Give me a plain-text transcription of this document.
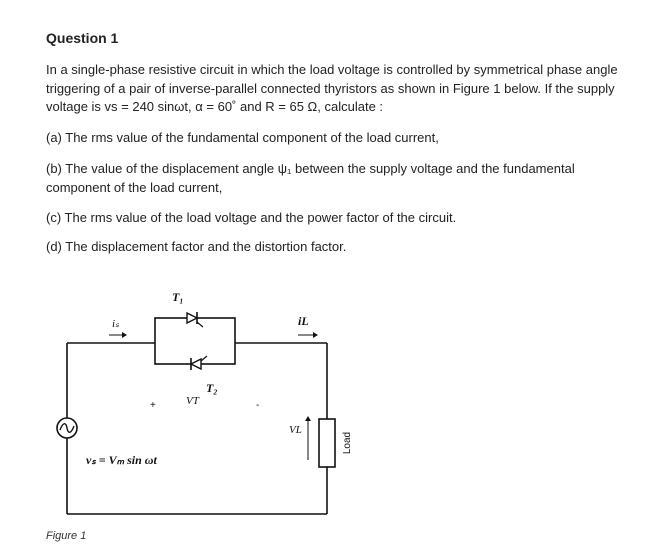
Question 1
In a single-phase resistive circuit in which the load voltage is controlled by symmetrical phase angle triggering of a pair of inverse-parallel connected thyristors as shown in Figure 1 below. If the supply voltage is vs = 240 sinωt, α = 60˚ and R = 65 Ω, calculate :
(a) The rms value of the fundamental component of the load current,
(b) The value of the displacement angle ψ₁ between the supply voltage and the fundamental component of the load current,
(c) The rms value of the load voltage and the power factor of the circuit.
(d) The displacement factor and the distortion factor.
T₁
T₂
VT
iₛ	iL
VL
+	-
vₛ = Vₘ sin ωt
Load
Figure 1
